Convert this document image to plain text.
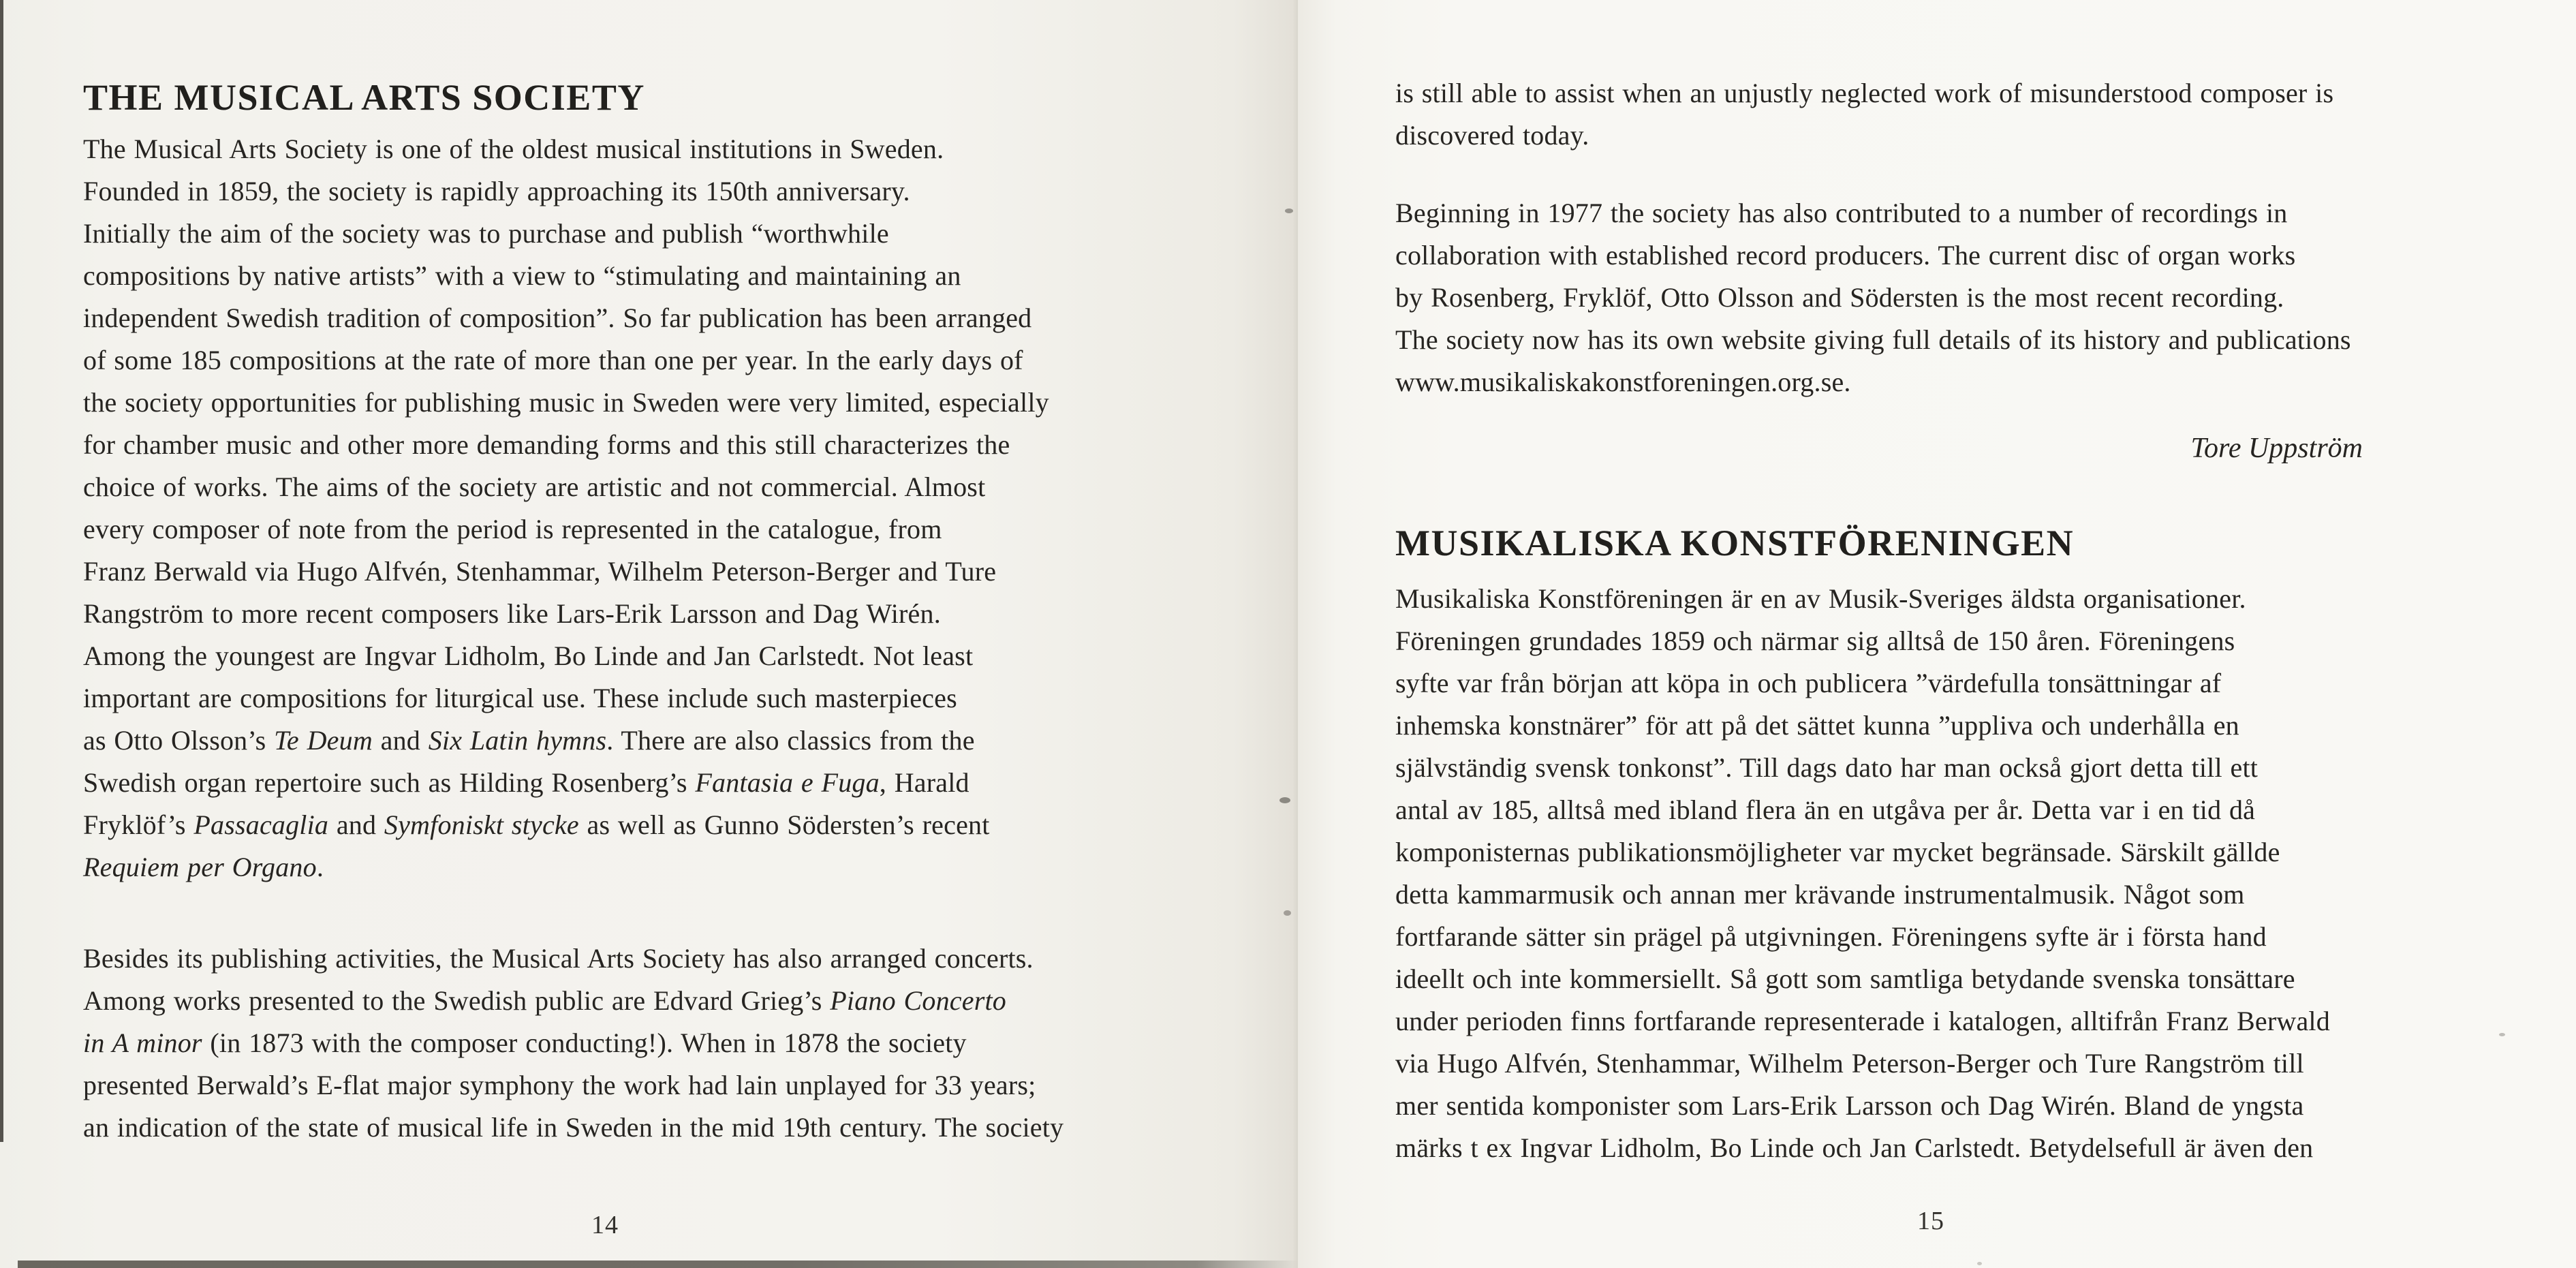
THE MUSICAL ARTS SOCIETY
The Musical Arts Society is one of the oldest musical institutions in Sweden.
Founded in 1859, the society is rapidly approaching its 150th anniversary.
Initially the aim of the society was to purchase and publish “worthwhile
compositions by native artists” with a view to “stimulating and maintaining an
independent Swedish tradition of composition”. So far publication has been arranged
of some 185 compositions at the rate of more than one per year. In the early days of
the society opportunities for publishing music in Sweden were very limited, especially
for chamber music and other more demanding forms and this still characterizes the
choice of works. The aims of the society are artistic and not commercial. Almost
every composer of note from the period is represented in the catalogue, from
Franz Berwald via Hugo Alfvén, Stenhammar, Wilhelm Peterson-Berger and Ture
Rangström to more recent composers like Lars-Erik Larsson and Dag Wirén.
Among the youngest are Ingvar Lidholm, Bo Linde and Jan Carlstedt. Not least
important are compositions for liturgical use. These include such masterpieces
as Otto Olsson’s Te Deum and Six Latin hymns. There are also classics from the
Swedish organ repertoire such as Hilding Rosenberg’s Fantasia e Fuga, Harald
Fryklöf’s Passacaglia and Symfoniskt stycke as well as Gunno Södersten’s recent
Requiem per Organo.
Besides its publishing activities, the Musical Arts Society has also arranged concerts.
Among works presented to the Swedish public are Edvard Grieg’s Piano Concerto
in A minor (in 1873 with the composer conducting!). When in 1878 the society
presented Berwald’s E-flat major symphony the work had lain unplayed for 33 years;
an indication of the state of musical life in Sweden in the mid 19th century. The society
14
is still able to assist when an unjustly neglected work of misunderstood composer is
discovered today.
Beginning in 1977 the society has also contributed to a number of recordings in
collaboration with established record producers. The current disc of organ works
by Rosenberg, Fryklöf, Otto Olsson and Södersten is the most recent recording.
The society now has its own website giving full details of its history and publications
www.musikaliskakonstforeningen.org.se.
Tore Uppström
MUSIKALISKA KONSTFÖRENINGEN
Musikaliska Konstföreningen är en av Musik-Sveriges äldsta organisationer.
Föreningen grundades 1859 och närmar sig alltså de 150 åren. Föreningens
syfte var från början att köpa in och publicera ”värdefulla tonsättningar af
inhemska konstnärer” för att på det sättet kunna ”uppliva och underhålla en
självständig svensk tonkonst”. Till dags dato har man också gjort detta till ett
antal av 185, alltså med ibland flera än en utgåva per år. Detta var i en tid då
komponisternas publikationsmöjligheter var mycket begränsade. Särskilt gällde
detta kammarmusik och annan mer krävande instrumentalmusik. Något som
fortfarande sätter sin prägel på utgivningen. Föreningens syfte är i första hand
ideellt och inte kommersiellt. Så gott som samtliga betydande svenska tonsättare
under perioden finns fortfarande representerade i katalogen, alltifrån Franz Berwald
via Hugo Alfvén, Stenhammar, Wilhelm Peterson-Berger och Ture Rangström till
mer sentida komponister som Lars-Erik Larsson och Dag Wirén. Bland de yngsta
märks t ex Ingvar Lidholm, Bo Linde och Jan Carlstedt. Betydelsefull är även den
15
